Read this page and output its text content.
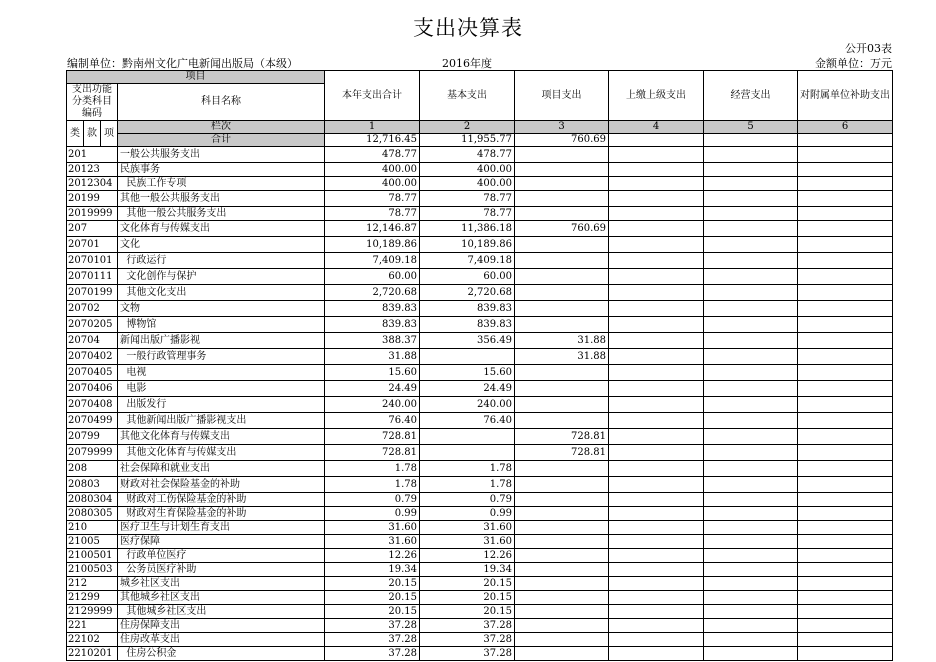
支出决算表
公开03表
编制单位：黔南州文化广电新闻出版局（本级）	2016年度	金额单位：万元
项目				本年支出合计	基本支出	项目支出	上缴上级支出	经营支出	对附属单位补助支出
支出功能分类科目编码			科目名称						
类	款	项	栏次	1	2	3	4	5	6
			合计	12,716.45	11,955.77	760.69			
201			一般公共服务支出	478.77	478.77				
20123			民族事务	400.00	400.00				
2012304			民族工作专项	400.00	400.00				
20199			其他一般公共服务支出	78.77	78.77				
2019999			其他一般公共服务支出	78.77	78.77				
207			文化体育与传媒支出	12,146.87	11,386.18	760.69			
20701			文化	10,189.86	10,189.86				
2070101			行政运行	7,409.18	7,409.18				
2070111			文化创作与保护	60.00	60.00				
2070199			其他文化支出	2,720.68	2,720.68				
20702			文物	839.83	839.83				
2070205			博物馆	839.83	839.83				
20704			新闻出版广播影视	388.37	356.49	31.88			
2070402			一般行政管理事务	31.88		31.88			
2070405			电视	15.60	15.60				
2070406			电影	24.49	24.49				
2070408			出版发行	240.00	240.00				
2070499			其他新闻出版广播影视支出	76.40	76.40				
20799			其他文化体育与传媒支出	728.81		728.81			
2079999			其他文化体育与传媒支出	728.81		728.81			
208			社会保障和就业支出	1.78	1.78				
20803			财政对社会保险基金的补助	1.78	1.78				
2080304			财政对工伤保险基金的补助	0.79	0.79				
2080305			财政对生育保险基金的补助	0.99	0.99				
210			医疗卫生与计划生育支出	31.60	31.60				
21005			医疗保障	31.60	31.60				
2100501			行政单位医疗	12.26	12.26				
2100503			公务员医疗补助	19.34	19.34				
212			城乡社区支出	20.15	20.15				
21299			其他城乡社区支出	20.15	20.15				
2129999			其他城乡社区支出	20.15	20.15				
221			住房保障支出	37.28	37.28				
22102			住房改革支出	37.28	37.28				
2210201			住房公积金	37.28	37.28				
